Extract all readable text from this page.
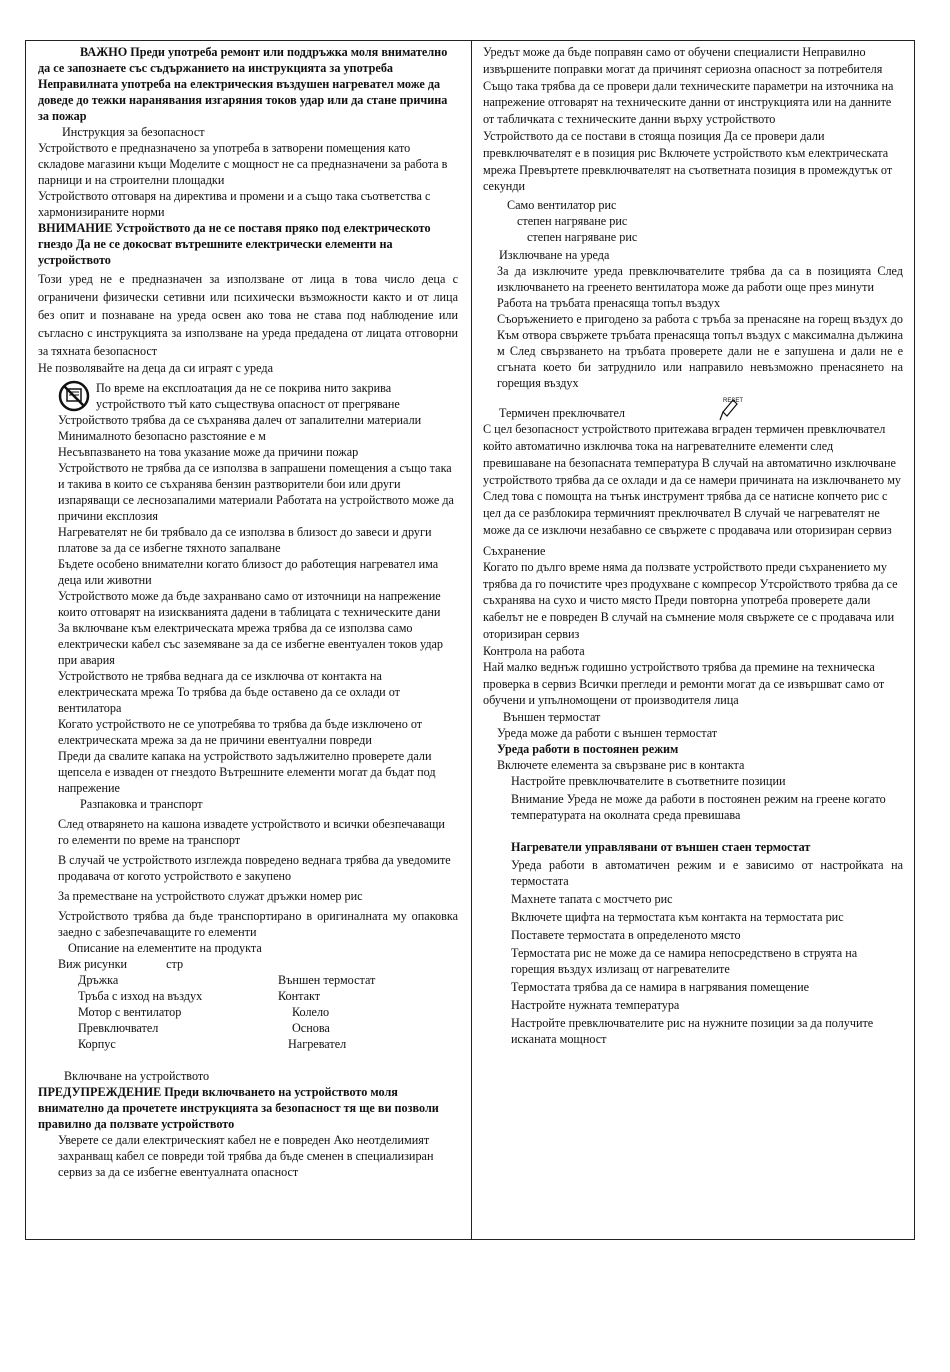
ВАЖНО Преди употреба ремонт или поддръжка моля внимателно да се запознаете със съдържанието на инструкцията за употреба Неправилната употреба на електрическия въздушен нагревател може да доведе до тежки наранявания изгаряния токов удар или да стане причина за пожар

Инструкция за безопасност

Устройството е предназначено за употреба в затворени помещения като складове магазини къщи Моделите с мощност не са предназначени за работа в парници и на строителни площадки

Устройството отговаря на директива и промени и а също така съответства с хармонизираните норми

ВНИМАНИЕ Устройството да не се поставя пряко под електрическото гнездо Да не се докосват вътрешните електрически елементи на устройството

Този уред не е предназначен за използване от лица в това число деца с ограничени физически сетивни или психически възможности както и от лица без опит и познаване на уреда освен ако това не става под наблюдение или съгласно с инструкцията за използване на уреда предадена от лицата отговорни за тяхната безопасност

Не позволявайте на деца да си играят с уреда

По време на експлоатация да не се покрива нито закрива устройството тъй като съществува опасност от прегряване

Устройството трябва да се съхранява далеч от запалителни материали Минималното безопасно разстояние е м

Несъвпазването на това указание може да причини пожар

Устройството не трябва да се използва в запрашени помещения а също така и такива в които се съхранява бензин разтворители бои или други изпаряващи се леснозапалими материали Работата на устройството може да причини експлозия

Нагревателят не би трябвало да се използва в близост до завеси и други платове за да се избегне тяхното запалване

Бъдете особено внимателни когато близост до работещия нагревател има деца или животни

Устройството може да бъде захранвано само от източници на напрежение които отговарят на изискванията дадени в таблицата с техническите дани

За включване към електрическата мрежа трябва да се използва само електрически кабел със заземяване за да се избегне евентуален токов удар при авария

Устройството не трябва веднага да се изключва от контакта на електрическата мрежа То трябва да бъде оставено да се охлади от вентилатора

Когато устройството не се употребява то трябва да бъде изключено от електрическата мрежа за да не причини евентуални повреди

Преди да свалите капака на устройството задължително проверете дали щепсела е изваден от гнездото Вътрешните елементи могат да бъдат под напрежение

Разпаковка и транспорт

След отварянето на кашона извадете устройството и всички обезпечаващи го елементи по време на транспорт

В случай че устройството изглежда повредено веднага трябва да уведомите продавача от когото устройството е закупено

За преместване на устройството служат дръжки номер рис

Устройството трябва да бъде транспортирано в оригиналната му опаковка заедно с забезпечаващите го елементи

Описание на елементите на продукта

Виж рисунки	стр

Дръжка	Външен термостат
Тръба с изход на въздух	Контакт
Мотор с вентилатор	Колело
Превключвател	Основа
Корпус	Нагревател

Включване на устройството

ПРЕДУПРЕЖДЕНИЕ Преди включването на устройството моля внимателно да прочетете инструкцията за безопасност тя ще ви позволи правилно да ползвате устройството

Уверете се дали електрическият кабел не е повреден Ако неотделимият захранващ кабел се повреди той трябва да бъде сменен в специализиран сервиз за да се избегне евентуалната опасност

Уредът може да бъде поправян само от обучени специалисти Неправилно извършените поправки могат да причинят сериозна опасност за потребителя Също така трябва да се провери дали техническите параметри на източника на напрежение отговарят на техническите данни от инструкцията или на данните от табличката с техническите данни върху устройството

Устройството да се постави в стояща позиция Да се провери дали превключвателят е в позиция рис Включете устройството към електрическата мрежа Превъртете превключвателят на съответната позиция в промеждутък от секунди

Само вентилатор рис

степен нагряване рис

степен нагряване рис

Изключване на уреда

За да изключите уреда превключвателите трябва да са в позицията След изключването на греенето вентилатора може да работи още през минути

Работа на тръбата пренасяща топъл въздух

Съоръжението е пригодено за работа с тръба за пренасяне на горещ въздух до Към отвора свържете тръбата пренасяща топъл въздух с максимална дължина м След свързването на тръбата проверете дали не е запушена и дали не е сгъната което би затруднило или направило невъзможно пренасянето на горещия въздух

RESET
Термичен преключвател

С цел безопасност устройството притежава вграден термичен превключвател който автоматично изключва тока на нагревателните елементи след превишаване на безопасната температура В случай на автоматично изключване устройството трябва да се охлади и да се намери причината на изключването му След това с помощта на тънък инструмент трябва да се натисне копчето рис с цел да се разблокира термичният преключвател В случай че нагревателят не може да се изключи незабавно се свържете с продавача или оторизиран сервиз

Съхранение

Когато по дълго време няма да ползвате устройството преди съхранението му трябва да го почистите чрез продухване с компресор Утсройството трябва да се съхранява на сухо и чисто място Преди повторна употреба проверете дали кабелът не е повреден В случай на съмнение моля свържете се с продавача или оторизиран сервиз

Контрола на работа

Най малко веднъж годишно устройството трябва да премине на техническа проверка в сервиз Всички прегледи и ремонти могат да се извършват само от обучени и упълномощени от производителя лица

Външен термостат

Уреда може да работи с външен термостат

Уреда работи в постоянен режим

Включете елемента за свързване рис в контакта

Настройте превключвателите в съответните позиции

Внимание Уреда не може да работи в постоянен режим на греене когато температурата на околната среда превишава

Нагреватели управлявани от външен стаен термостат

Уреда работи в автоматичен режим и е зависимо от настройката на термостата

Махнете тапата с мостчето рис

Включете щифта на термостата към контакта на термостата рис

Поставете термостата в определеното място

Термостата рис не може да се намира непосредствено в струята на горещия въздух излизащ от нагревателите

Термостата трябва да се намира в нагрявания помещение

Настройте нужната температура

Настройте превключвателите рис на нужните позиции за да получите исканата мощност
